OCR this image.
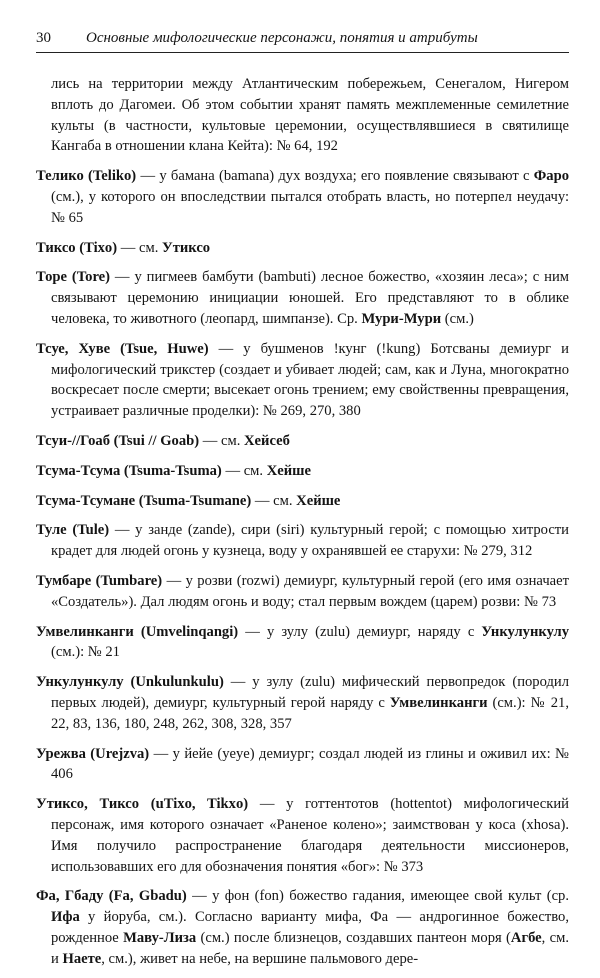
30 Основные мифологические персонажи, понятия и атрибуты

лись на территории между Атлантическим побережьем, Сенегалом, Нигером вплоть до Дагомеи. Об этом событии хранят память межплеменные семилетние культы (в частности, культовые церемонии, осуществлявшиеся в святилище Кангаба в отношении клана Кейта): № 64, 192

Телико (Teliko) — у бамана (bamana) дух воздуха; его появление связывают с Фаро (см.), у которого он впоследствии пытался отобрать власть, но потерпел неудачу: № 65

Тиксо (Tixo) — см. Утиксо

Торе (Tore) — у пигмеев бамбути (bambuti) лесное божество, «хозяин леса»; с ним связывают церемонию инициации юношей. Его представляют то в облике человека, то животного (леопард, шимпанзе). Ср. Мури-Мури (см.)

Тсуе, Хуве (Tsue, Huwe) — у бушменов !кунг (!kung) Ботсваны демиург и мифологический трикстер (создает и убивает людей; сам, как и Луна, многократно воскресает после смерти; высекает огонь трением; ему свойственны превращения, устраивает различные проделки): № 269, 270, 380

Тсуи-//Гоаб (Tsui // Goab) — см. Хейсеб

Тсума-Тсума (Tsuma-Tsuma) — см. Хейше

Тсума-Тсумане (Tsuma-Tsumane) — см. Хейше

Туле (Tule) — у занде (zande), сири (siri) культурный герой; с помощью хитрости крадет для людей огонь у кузнеца, воду у охранявшей ее старухи: № 279, 312

Тумбаре (Tumbare) — у розви (rozwi) демиург, культурный герой (его имя означает «Создатель»). Дал людям огонь и воду; стал первым вождем (царем) розви: № 73

Умвелинканги (Umvelinqangi) — у зулу (zulu) демиург, наряду с Ункулункулу (см.): № 21

Ункулункулу (Unkulunkulu) — у зулу (zulu) мифический первопредок (породил первых людей), демиург, культурный герой наряду с Умвелинканги (см.): № 21, 22, 83, 136, 180, 248, 262, 308, 328, 357

Урежва (Urejzva) — у йейе (yeye) демиург; создал людей из глины и оживил их: № 406

Утиксо, Тиксо (uTixo, Tikxo) — у готтентотов (hottentot) мифологический персонаж, имя которого означает «Раненое колено»; заимствован у коса (xhosa). Имя получило распространение благодаря деятельности миссионеров, использовавших его для обозначения понятия «бог»: № 373

Фа, Гбаду (Fa, Gbadu) — у фон (fon) божество гадания, имеющее свой культ (ср. Ифа у йоруба, см.). Согласно варианту мифа, Фа — андрогинное божество, рожденное Маву-Лиза (см.) после близнецов, создавших пантеон моря (Агбе, см. и Наете, см.), живет на небе, на вершине пальмового дере-
